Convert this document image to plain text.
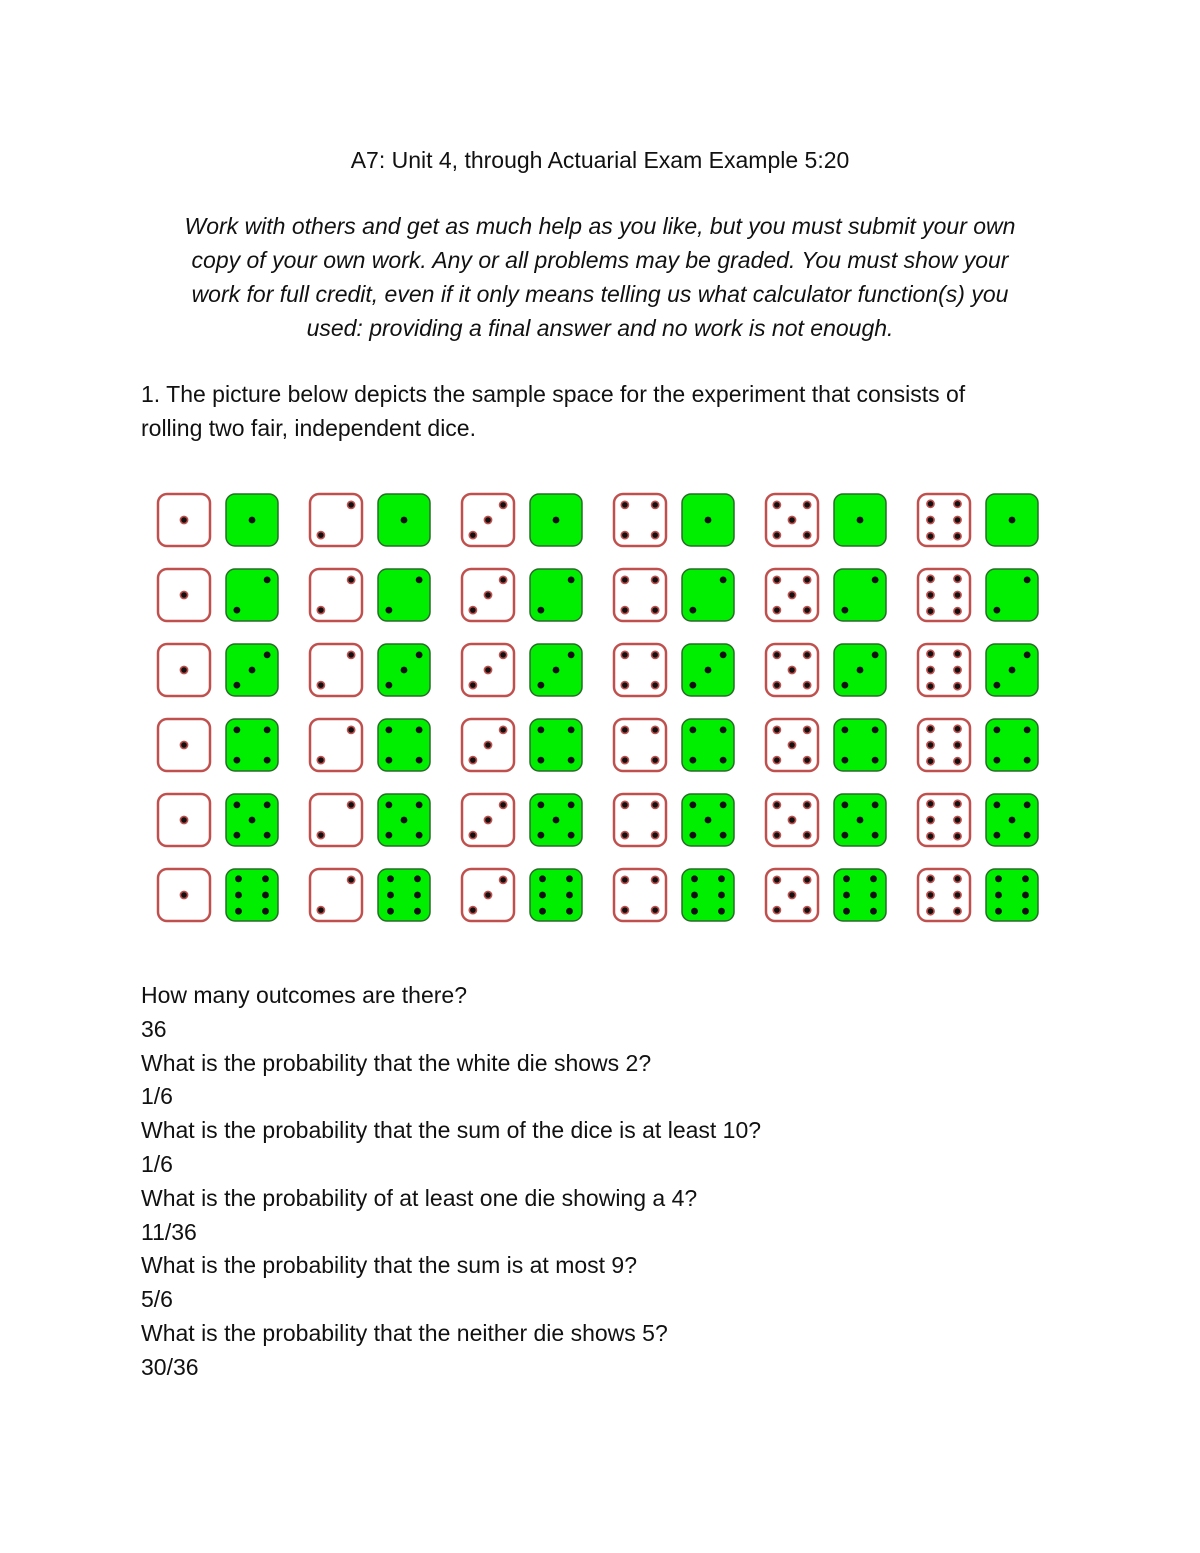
A7: Unit 4, through Actuarial Exam Example 5:20
Work with others and get as much help as you like, but you must submit your own
copy of your own work. Any or all problems may be graded. You must show your
work for full credit, even if it only means telling us what calculator function(s) you
used: providing a final answer and no work is not enough.
1. The picture below depicts the sample space for the experiment that consists of
rolling two fair, independent dice.
How many outcomes are there?
36
What is the probability that the white die shows 2?
1/6
What is the probability that the sum of the dice is at least 10?
1/6
What is the probability of at least one die showing a 4?
11/36
What is the probability that the sum is at most 9?
5/6
What is the probability that the neither die shows 5?
30/36
